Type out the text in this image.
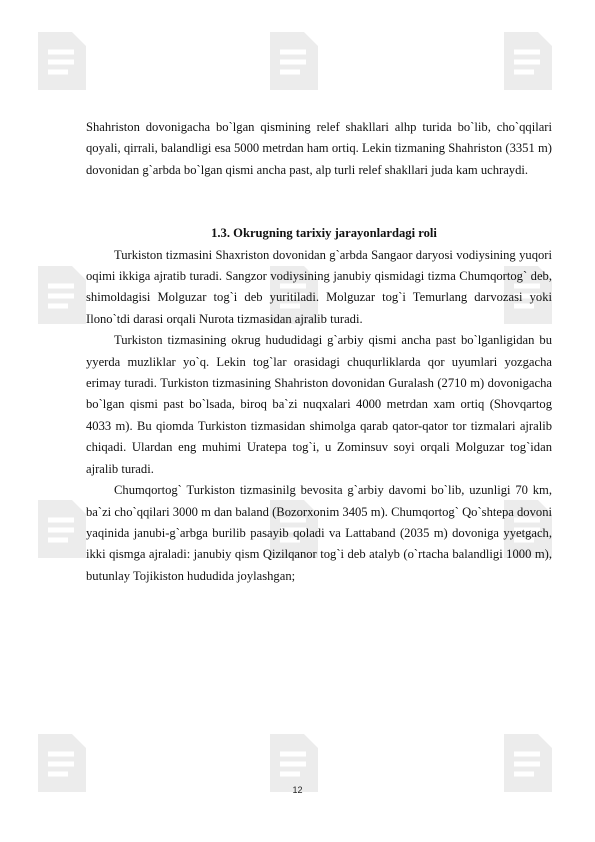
Shahriston dovonigacha bo`lgan qismining relef shakllari alhp turida bo`lib, cho`qqilari qoyali, qirrali, balandligi esa 5000 metrdan ham ortiq. Lekin tizmaning Shahriston (3351 m) dovonidan g`arbda bo`lgan qismi ancha past, alp turli relef shakllari juda kam uchraydi.

1.3. Okrugning tarixiy jarayonlardagi roli

Turkiston tizmasini Shaxriston dovonidan g`arbda Sangaor daryosi vodiysining yuqori oqimi ikkiga ajratib turadi. Sangzor vodiysining janubiy qismidagi tizma Chumqortog` deb, shimoldagisi Molguzar tog`i deb yuritiladi. Molguzar tog`i Temurlang darvozasi yoki Ilono`tdi darasi orqali Nurota tizmasidan ajralib turadi.

Turkiston tizmasining okrug hududidagi g`arbiy qismi ancha past bo`lganligidan bu yyerda muzliklar yo`q. Lekin tog`lar orasidagi chuqurliklarda qor uyumlari yozgacha erimay turadi. Turkiston tizmasining Shahriston dovonidan Guralash (2710 m) dovonigacha bo`lgan qismi past bo`lsada, biroq ba`zi nuqxalari 4000 metrdan xam ortiq (Shovqartog 4033 m). Bu qiomda Turkiston tizmasidan shimolga qarab qator-qator tor tizmalari ajralib chiqadi. Ulardan eng muhimi Uratepa tog`i, u Zominsuv soyi orqali Molguzar tog`idan ajralib turadi.

Chumqortog` Turkiston tizmasinilg bevosita g`arbiy davomi bo`lib, uzunligi 70 km, ba`zi cho`qqilari 3000 m dan baland (Bozorxonim 3405 m). Chumqortog` Qo`shtepa dovoni yaqinida janubi-g`arbga burilib pasayib qoladi va Lattaband (2035 m) dovoniga yyetgach, ikki qismga ajraladi: janubiy qism Qizilqanor tog`i deb atalyb (o`rtacha balandligi 1000 m), butunlay Tojikiston hududida joylashgan;

12
